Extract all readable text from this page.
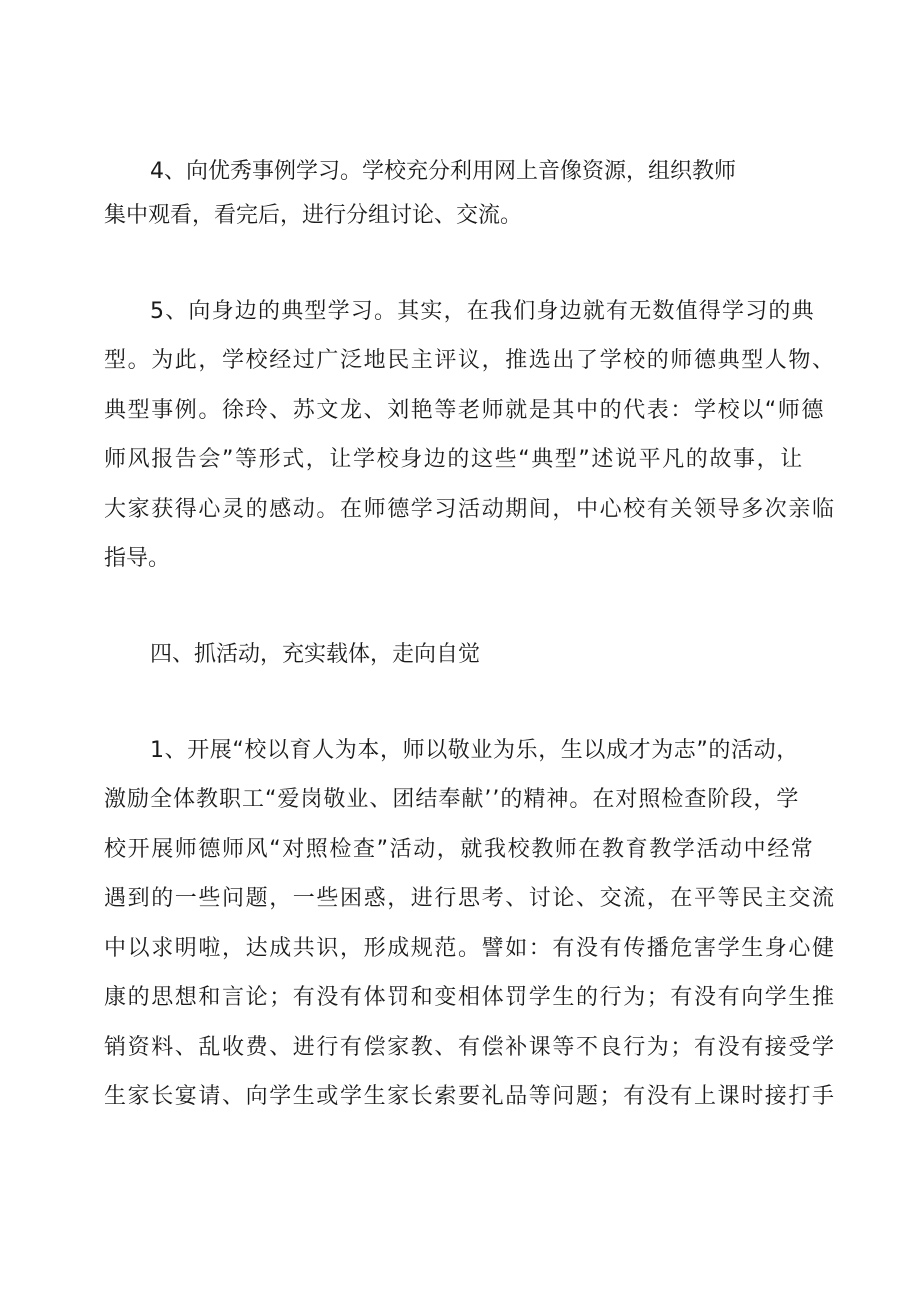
4、向优秀事例学习。学校充分利用网上音像资源，组织教师
集中观看，看完后，进行分组讨论、交流。
5、向身边的典型学习。其实，在我们身边就有无数值得学习的典
型。为此，学校经过广泛地民主评议，推选出了学校的师德典型人物、
典型事例。徐玲、苏文龙、刘艳等老师就是其中的代表：学校以“师德
师风报告会”等形式，让学校身边的这些“典型”述说平凡的故事，让
大家获得心灵的感动。在师德学习活动期间，中心校有关领导多次亲临
指导。
四、抓活动，充实载体，走向自觉
1、开展“校以育人为本，师以敬业为乐，生以成才为志”的活动，
激励全体教职工“爱岗敬业、团结奉献’’的精神。在对照检查阶段，学
校开展师德师风“对照检查”活动，就我校教师在教育教学活动中经常
遇到的一些问题，一些困惑，进行思考、讨论、交流，在平等民主交流
中以求明啦，达成共识，形成规范。譬如：有没有传播危害学生身心健
康的思想和言论；有没有体罚和变相体罚学生的行为；有没有向学生推
销资料、乱收费、进行有偿家教、有偿补课等不良行为；有没有接受学
生家长宴请、向学生或学生家长索要礼品等问题；有没有上课时接打手
